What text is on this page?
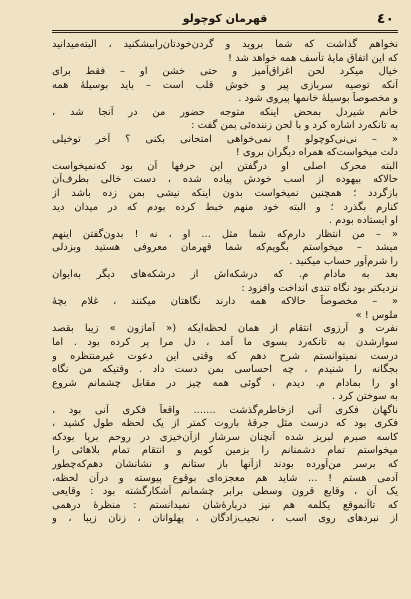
٤٠
قهرمان کوچولو
نخواهم گذاشت که شما بروید و گردن‌خودتان‌راببشکنید ، البته‌میدانید
که این اتفاق مایهٔ تأسف همه خواهد شد !
خیال میکرد لحن اغراق‌آمیز و حتی خشن او – فقط برای
آنکه توصیه سربازی پیر و خوش قلب است – باید بوسیلهٔ همه
و مخصوصاً بوسیلهٔ خانمها پیروی شود .
خانم شیردل بمحض اینکه متوجه حضور من در آنجا شد ،
به تانکه‌رد اشاره کرد و با لحن زننده‌ئی بمن گفت :
« – نی‌نی‌کوچولو ! نمی‌خواهی امتحانی بکنی ؟ آخر توخیلی
دلت میخواست‌که همراه دیگران بروی !
البته محرک اصلی او درگفتن این حرفها آن بود که‌نمیخواست
حالاکه بیهوده از اسب خودش پیاده شده ، دست خالی بطرف‌آن
بازگردد ؛ همچنین نمیخواست بدون اینکه نیشی بمن زده باشد از
کنارم بگذرد ؛ و البته خود منهم خبط کرده بودم که در میدان دید
او ایستاده بودم .
« – من انتظار دارم‌که شما مثل ... او ، نه ! بدون‌گفتن اینهم
میشد – میخواستم بگویم‌که شما قهرمان معروفی هستید وبزدلی
را شرم‌آور حساب میکنید .
بعد به مادام م. که درشکه‌اش از درشکه‌های دیگر به‌ایوان
نزدیکتر بود نگاه تندی انداخت وافزود :
« – مخصوصاً حالاکه همه دارند نگاهتان میکنند ، غلام بچهٔ
ملوس ! »
نفرت و آرزوی انتقام از همان لحظه‌ایکه (« آمازون » زیبا بقصد
سوارشدن به تانکه‌رد بسوی ما آمد ، دل مرا پر کرده بود . اما
درست نمیتوانستم شرح دهم که وقتی این دعوت غیرمنتظره و
بجگانه را شنیدم ، چه احساسی بمن دست داد . وقتیکه من نگاه
او را بمادام م. دیدم ، گوئی همه چیز در مقابل چشمانم شروع
به سوختن کرد .
ناگهان فکری آنی ازخاطرم‌گذشت ....... واقعاً فکری آنی بود ،
فکری بود که درست مثل جرقهٔ باروت کمتر از یک لحظه طول کشید ،
کاسه صبرم لبریز شده آنچنان سرشار ازآن‌خیزی در روحم برپا بودکه
میخواستم تمام دشمنانم را بزمین کوبم و انتقام تمام بلاهائی را
که برسر من‌آورده بودند ازآنها باز ستانم و نشانشان دهم‌که‌چطور
آدمی هستم ! ... شاید هم معجزه‌ای بوقوع پیوسته و درآن لحظه،
یک آن ، وقایع قرون وسطی برابر چشمانم آشکارگشته بود : وقایعی
که تاآنموقع یکلمه هم نیز دربارهٔ‌شان نمیدانستم : منظرهٔ درهمی
از نبردهای روی اسب ، نجیب‌زادگان ، پهلوانان ، زنان زیبا ، و
